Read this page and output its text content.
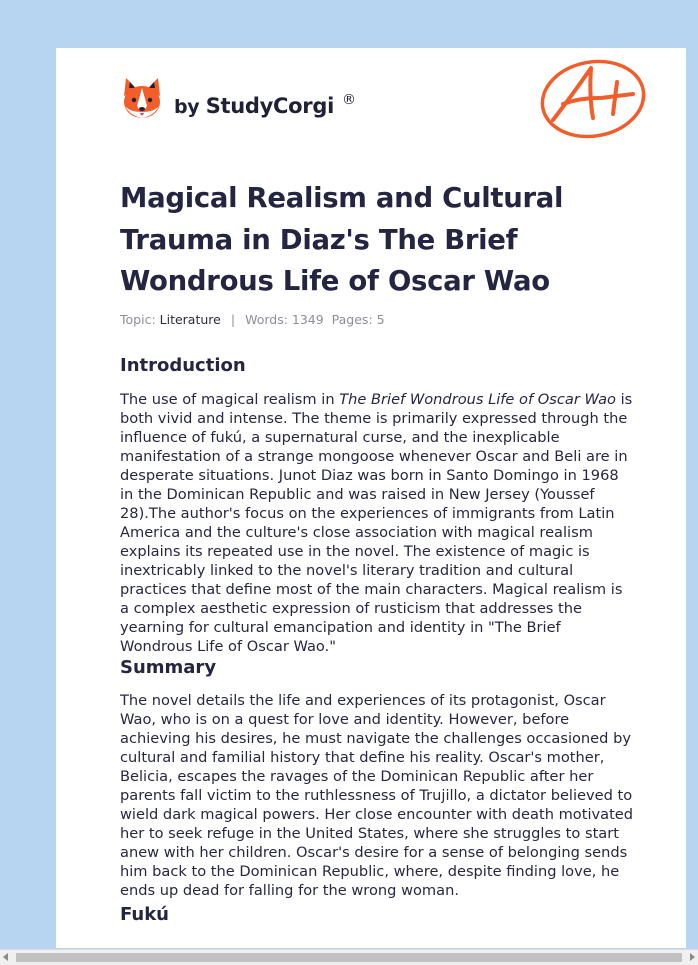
by StudyCorgi ®
Magical Realism and Cultural Trauma in Diaz's The Brief Wondrous Life of Oscar Wao
Topic: Literature | Words: 1349 Pages: 5
Introduction

The use of magical realism in The Brief Wondrous Life of Oscar Wao is both vivid and intense. The theme is primarily expressed through the influence of fukú, a supernatural curse, and the inexplicable manifestation of a strange mongoose whenever Oscar and Beli are in desperate situations. Junot Diaz was born in Santo Domingo in 1968 in the Dominican Republic and was raised in New Jersey (Youssef 28).The author's focus on the experiences of immigrants from Latin America and the culture's close association with magical realism explains its repeated use in the novel. The existence of magic is inextricably linked to the novel's literary tradition and cultural practices that define most of the main characters. Magical realism is a complex aesthetic expression of rusticism that addresses the yearning for cultural emancipation and identity in "The Brief Wondrous Life of Oscar Wao."

Summary

The novel details the life and experiences of its protagonist, Oscar Wao, who is on a quest for love and identity. However, before achieving his desires, he must navigate the challenges occasioned by cultural and familial history that define his reality. Oscar's mother, Belicia, escapes the ravages of the Dominican Republic after her parents fall victim to the ruthlessness of Trujillo, a dictator believed to wield dark magical powers. Her close encounter with death motivated her to seek refuge in the United States, where she struggles to start anew with her children. Oscar's desire for a sense of belonging sends him back to the Dominican Republic, where, despite finding love, he ends up dead for falling for the wrong woman.

Fukú
